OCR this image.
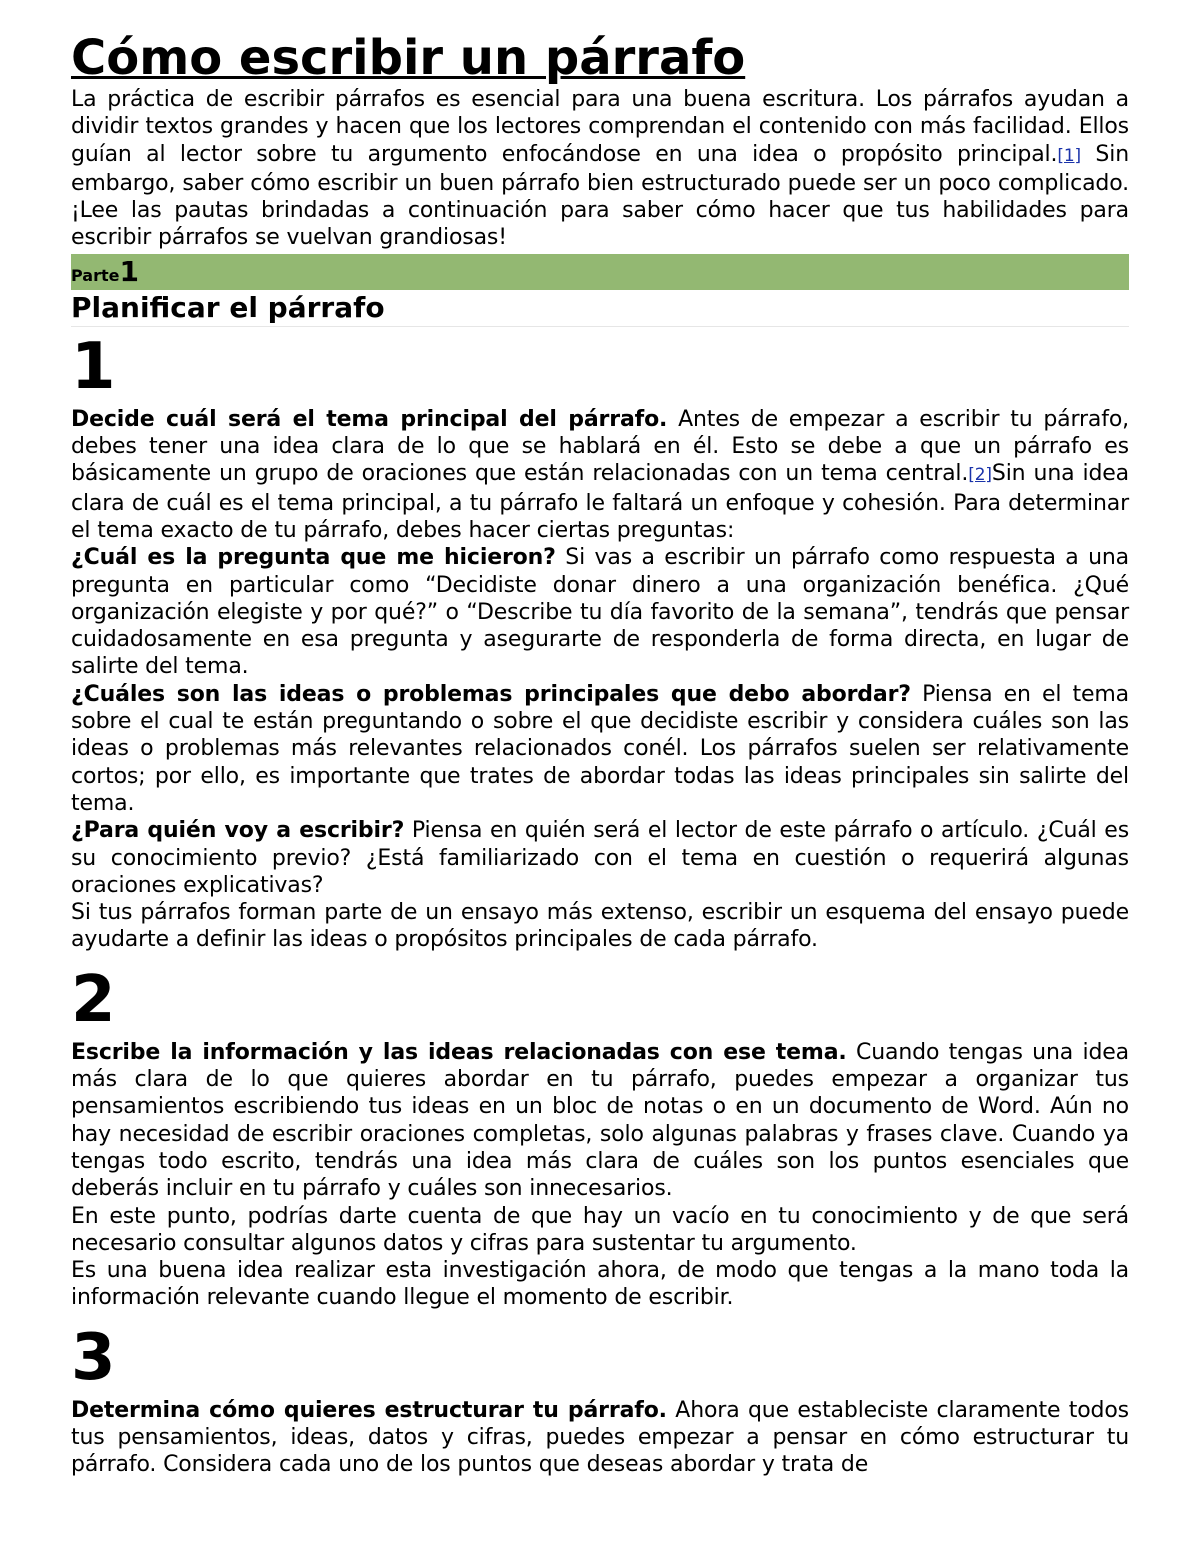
Cómo escribir un párrafo

La práctica de escribir párrafos es esencial para una buena escritura. Los párrafos ayudan a dividir textos grandes y hacen que los lectores comprendan el contenido con más facilidad. Ellos guían al lector sobre tu argumento enfocándose en una idea o propósito principal.[1] Sin embargo, saber cómo escribir un buen párrafo bien estructurado puede ser un poco complicado. ¡Lee las pautas brindadas a continuación para saber cómo hacer que tus habilidades para escribir párrafos se vuelvan grandiosas!

Parte 1
Planificar el párrafo
1

Decide cuál será el tema principal del párrafo. Antes de empezar a escribir tu párrafo, debes tener una idea clara de lo que se hablará en él. Esto se debe a que un párrafo es básicamente un grupo de oraciones que están relacionadas con un tema central.[2]Sin una idea clara de cuál es el tema principal, a tu párrafo le faltará un enfoque y cohesión. Para determinar el tema exacto de tu párrafo, debes hacer ciertas preguntas:

¿Cuál es la pregunta que me hicieron? Si vas a escribir un párrafo como respuesta a una pregunta en particular como “Decidiste donar dinero a una organización benéfica. ¿Qué organización elegiste y por qué?” o “Describe tu día favorito de la semana”, tendrás que pensar cuidadosamente en esa pregunta y asegurarte de responderla de forma directa, en lugar de salirte del tema.

¿Cuáles son las ideas o problemas principales que debo abordar? Piensa en el tema sobre el cual te están preguntando o sobre el que decidiste escribir y considera cuáles son las ideas o problemas más relevantes relacionados conél. Los párrafos suelen ser relativamente cortos; por ello, es importante que trates de abordar todas las ideas principales sin salirte del tema.

¿Para quién voy a escribir? Piensa en quién será el lector de este párrafo o artículo. ¿Cuál es su conocimiento previo? ¿Está familiarizado con el tema en cuestión o requerirá algunas oraciones explicativas?

Si tus párrafos forman parte de un ensayo más extenso, escribir un esquema del ensayo puede ayudarte a definir las ideas o propósitos principales de cada párrafo.

2

Escribe la información y las ideas relacionadas con ese tema. Cuando tengas una idea más clara de lo que quieres abordar en tu párrafo, puedes empezar a organizar tus pensamientos escribiendo tus ideas en un bloc de notas o en un documento de Word. Aún no hay necesidad de escribir oraciones completas, solo algunas palabras y frases clave. Cuando ya tengas todo escrito, tendrás una idea más clara de cuáles son los puntos esenciales que deberás incluir en tu párrafo y cuáles son innecesarios.

En este punto, podrías darte cuenta de que hay un vacío en tu conocimiento y de que será necesario consultar algunos datos y cifras para sustentar tu argumento.

Es una buena idea realizar esta investigación ahora, de modo que tengas a la mano toda la información relevante cuando llegue el momento de escribir.

3

Determina cómo quieres estructurar tu párrafo. Ahora que estableciste claramente todos tus pensamientos, ideas, datos y cifras, puedes empezar a pensar en cómo estructurar tu párrafo. Considera cada uno de los puntos que deseas abordar y trata de
